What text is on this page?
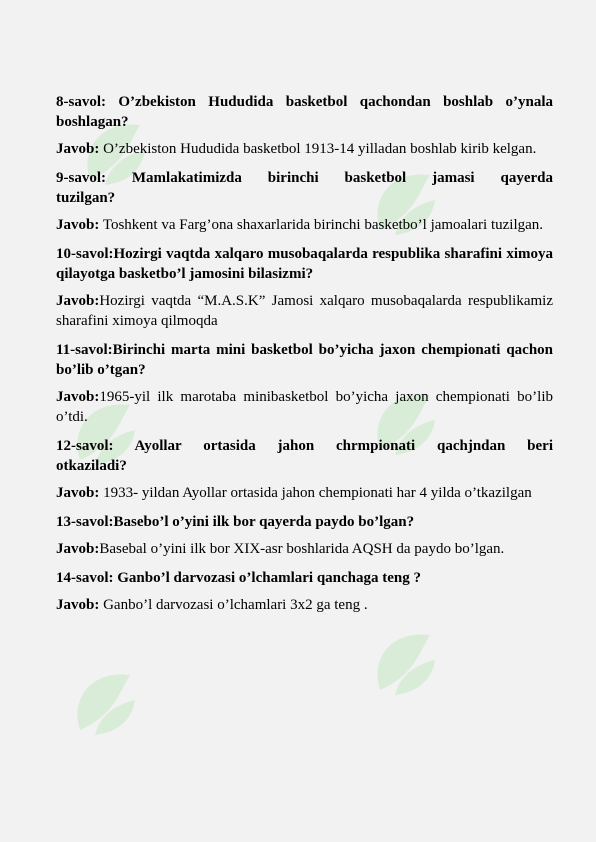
8-savol: O’zbekiston Hududida basketbol qachondan boshlab o’ynala boshlagan?

Javob: O’zbekiston Hududida basketbol 1913-14 yilladan boshlab kirib kelgan.

9-savol: Mamlakatimizda birinchi basketbol jamasi qayerda tuzilgan?

Javob: Toshkent va Farg’ona shaxarlarida birinchi basketbo’l jamoalari tuzilgan.

10-savol:Hozirgi vaqtda xalqaro musobaqalarda respublika sharafini ximoya qilayotga basketbo’l jamosini bilasizmi?

Javob:Hozirgi vaqtda “M.A.S.K” Jamosi xalqaro musobaqalarda respublikamiz sharafini ximoya qilmoqda

11-savol:Birinchi marta mini basketbol bo’yicha jaxon chempionati qachon bo’lib o’tgan?

Javob:1965-yil ilk marotaba minibasketbol bo’yicha jaxon chempionati bo’lib o’tdi.

12-savol: Ayollar ortasida jahon chrmpionati qachjndan beri otkaziladi?

Javob: 1933- yildan Ayollar ortasida jahon chempionati har 4 yilda o’tkazilgan

13-savol:Basebo’l o’yini ilk bor qayerda paydo bo’lgan?

Javob:Basebal o’yini ilk bor XIX-asr boshlarida AQSH da paydo bo’lgan.

14-savol: Ganbo’l darvozasi o’lchamlari qanchaga teng ?

Javob: Ganbo’l darvozasi o’lchamlari 3x2 ga teng .
